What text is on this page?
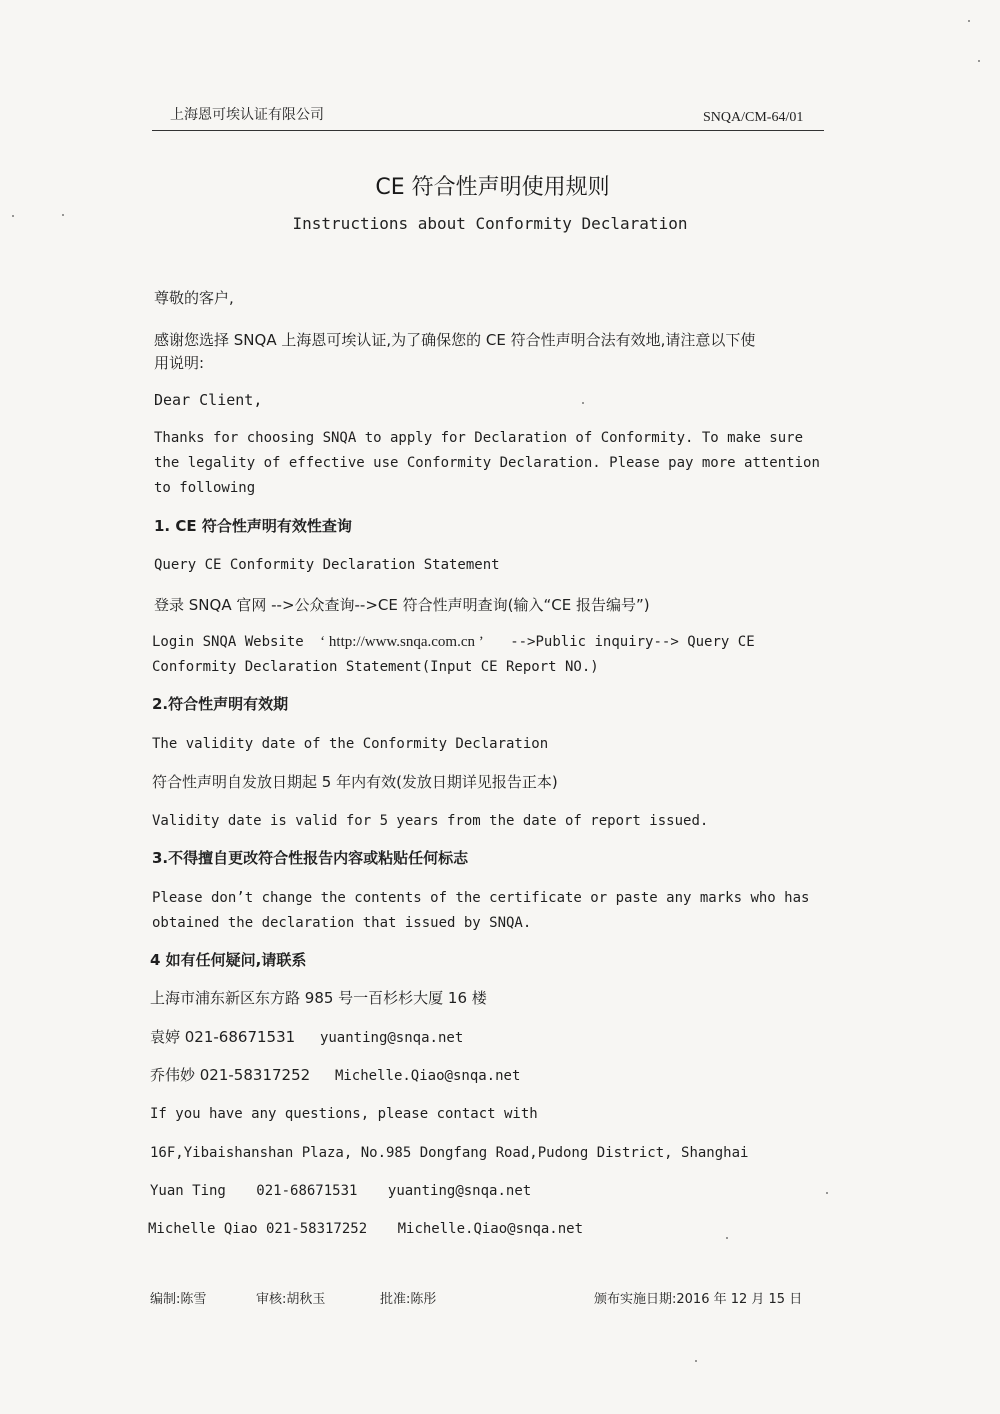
上海恩可埃认证有限公司	SNQA/CM-64/01
CE 符合性声明使用规则
Instructions about Conformity Declaration
尊敬的客户,
感谢您选择 SNQA 上海恩可埃认证,为了确保您的 CE 符合性声明合法有效地,请注意以下使
用说明:
Dear Client,
Thanks for choosing SNQA to apply for Declaration of Conformity. To make sure
the legality of effective use Conformity Declaration. Please pay more attention
to following
1. CE 符合性声明有效性查询
Query CE Conformity Declaration Statement
登录 SNQA 官网 -->公众查询-->CE 符合性声明查询(输入“CE 报告编号”)
Login SNQA Website ‘ http://www.snqa.com.cn ’ -->Public inquiry--> Query CE
Conformity Declaration Statement(Input CE Report NO.)
2.符合性声明有效期
The validity date of the Conformity Declaration
符合性声明自发放日期起 5 年内有效(发放日期详见报告正本)
Validity date is valid for 5 years from the date of report issued.
3.不得擅自更改符合性报告内容或粘贴任何标志
Please don’t change the contents of the certificate or paste any marks who has
obtained the declaration that issued by SNQA.
4 如有任何疑问,请联系
上海市浦东新区东方路 985 号一百杉杉大厦 16 楼
袁婷 021-68671531 yuanting@snqa.net
乔伟妙 021-58317252 Michelle.Qiao@snqa.net
If you have any questions, please contact with
16F,Yibaishanshan Plaza, No.985 Dongfang Road,Pudong District, Shanghai
Yuan Ting 021-68671531 yuanting@snqa.net
Michelle Qiao 021-58317252 Michelle.Qiao@snqa.net
编制:陈雪	审核:胡秋玉	批准:陈彤	颁布实施日期:2016 年 12 月 15 日
